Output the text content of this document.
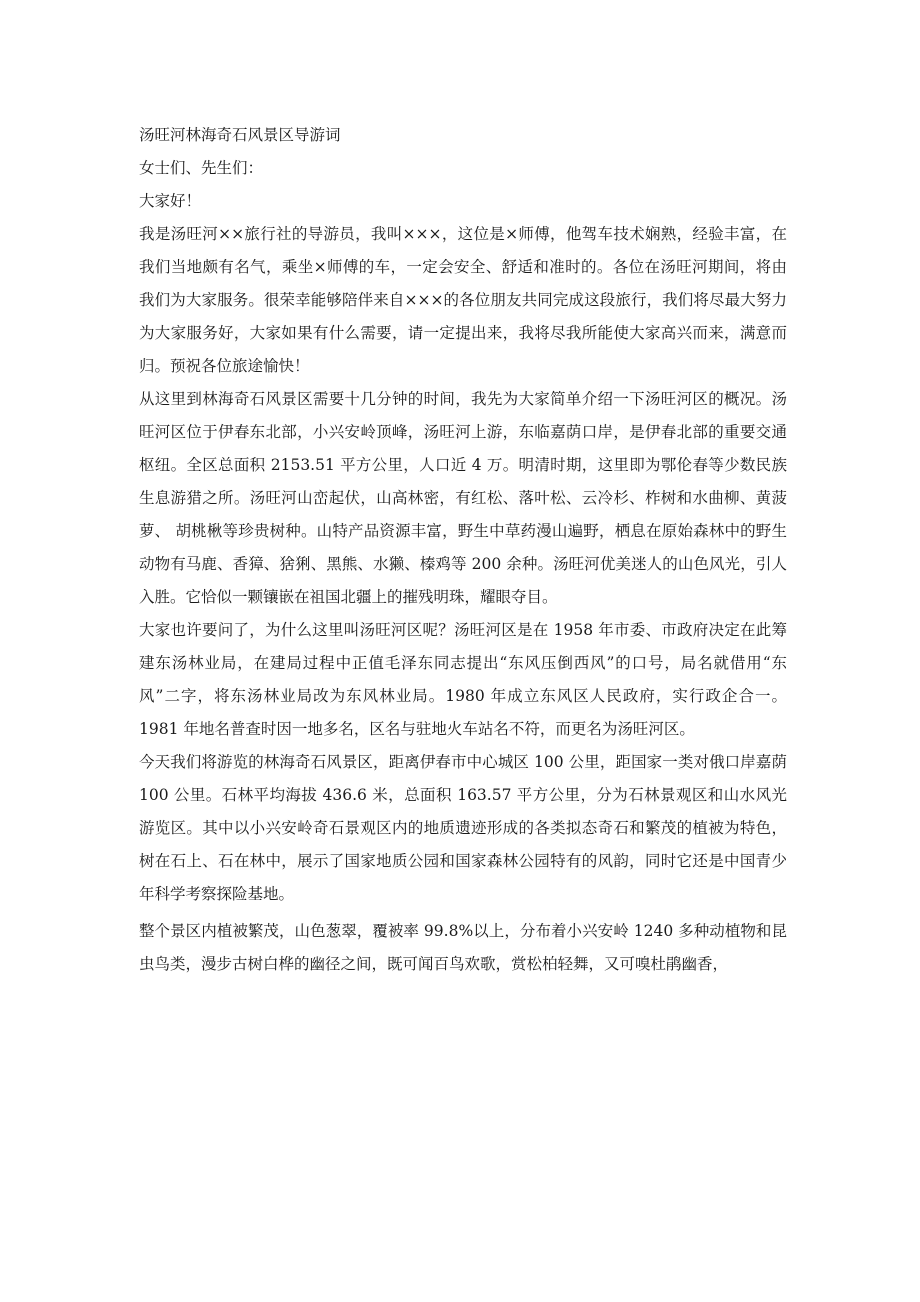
汤旺河林海奇石风景区导游词

女士们、先生们：

大家好！

我是汤旺河××旅行社的导游员，我叫×××，这位是×师傅，他驾车技术娴熟，经验丰富，在我们当地颇有名气，乘坐×师傅的车，一定会安全、舒适和准时的。各位在汤旺河期间，将由我们为大家服务。很荣幸能够陪伴来自×××的各位朋友共同完成这段旅行，我们将尽最大努力为大家服务好，大家如果有什么需要，请一定提出来，我将尽我所能使大家高兴而来，满意而归。预祝各位旅途愉快！

从这里到林海奇石风景区需要十几分钟的时间，我先为大家简单介绍一下汤旺河区的概况。汤旺河区位于伊春东北部，小兴安岭顶峰，汤旺河上游，东临嘉荫口岸，是伊春北部的重要交通枢纽。全区总面积 2153.51 平方公里，人口近 4 万。明清时期，这里即为鄂伦春等少数民族生息游猎之所。汤旺河山峦起伏，山高林密，有红松、落叶松、云冷杉、柞树和水曲柳、黄菠萝、 胡桃楸等珍贵树种。山特产品资源丰富，野生中草药漫山遍野，栖息在原始森林中的野生动物有马鹿、香獐、猞猁、黑熊、水獭、榛鸡等 200 余种。汤旺河优美迷人的山色风光，引人入胜。它恰似一颗镶嵌在祖国北疆上的摧残明珠，耀眼夺目。

大家也许要问了，为什么这里叫汤旺河区呢？汤旺河区是在 1958 年市委、市政府决定在此筹建东汤林业局，在建局过程中正值毛泽东同志提出“东风压倒西风”的口号，局名就借用“东风”二字，将东汤林业局改为东风林业局。1980 年成立东风区人民政府，实行政企合一。1981 年地名普查时因一地多名，区名与驻地火车站名不符，而更名为汤旺河区。

今天我们将游览的林海奇石风景区，距离伊春市中心城区 100 公里，距国家一类对俄口岸嘉荫 100 公里。石林平均海拔 436.6 米，总面积 163.57 平方公里，分为石林景观区和山水风光游览区。其中以小兴安岭奇石景观区内的地质遗迹形成的各类拟态奇石和繁茂的植被为特色，树在石上、石在林中，展示了国家地质公园和国家森林公园特有的风韵，同时它还是中国青少年科学考察探险基地。

整个景区内植被繁茂，山色葱翠，覆被率 99.8%以上，分布着小兴安岭 1240 多种动植物和昆虫鸟类，漫步古树白桦的幽径之间，既可闻百鸟欢歌，赏松柏轻舞，又可嗅杜鹃幽香，
